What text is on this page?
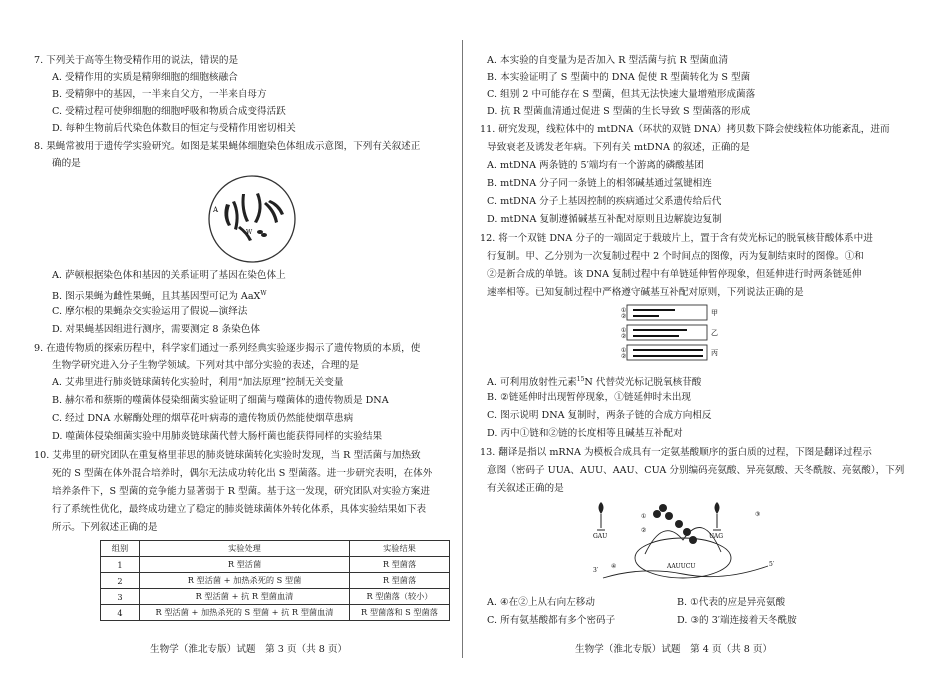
7. 下列关于高等生物受精作用的说法，错误的是
A. 受精作用的实质是精卵细胞的细胞核融合
B. 受精卵中的基因，一半来自父方，一半来自母方
C. 受精过程可使卵细胞的细胞呼吸和物质合成变得活跃
D. 每种生物前后代染色体数目的恒定与受精作用密切相关
8. 果蝇常被用于遗传学实验研究。如图是某果蝇体细胞染色体组成示意图，下列有关叙述正
确的是
A
W
A. 萨顿根据染色体和基因的关系证明了基因在染色体上
B. 图示果蝇为雌性果蝇，且其基因型可记为 AaX$^W$
C. 摩尔根的果蝇杂交实验运用了假说—演绎法
D. 对果蝇基因组进行测序，需要测定 8 条染色体
9. 在遗传物质的探索历程中，科学家们通过一系列经典实验逐步揭示了遗传物质的本质，使
生物学研究进入分子生物学领域。下列对其中部分实验的表述，合理的是
A. 艾弗里进行肺炎链球菌转化实验时，利用“加法原理”控制无关变量
B. 赫尔希和蔡斯的噬菌体侵染细菌实验证明了细菌与噬菌体的遗传物质是 DNA
C. 经过 DNA 水解酶处理的烟草花叶病毒的遗传物质仍然能使烟草患病
D. 噬菌体侵染细菌实验中用肺炎链球菌代替大肠杆菌也能获得同样的实验结果
10. 艾弗里的研究团队在重复格里菲思的肺炎链球菌转化实验时发现，当 R 型活菌与加热致
死的 S 型菌在体外混合培养时，偶尔无法成功转化出 S 型菌落。进一步研究表明，在体外
培养条件下，S 型菌的竞争能力显著弱于 R 型菌。基于这一发现，研究团队对实验方案进
行了系统性优化，最终成功建立了稳定的肺炎链球菌体外转化体系，具体实验结果如下表
所示。下列叙述正确的是
组别	实验处理	实验结果
1	R 型活菌	R 型菌落
2	R 型活菌 + 加热杀死的 S 型菌	R 型菌落
3	R 型活菌 + 抗 R 型菌血清	R 型菌落（较小）
4	R 型活菌 + 加热杀死的 S 型菌 + 抗 R 型菌血清	R 型菌落和 S 型菌落
生物学（淮北专版）试题　第 3 页（共 8 页）
A. 本实验的自变量为是否加入 R 型活菌与抗 R 型菌血清
B. 本实验证明了 S 型菌中的 DNA 促使 R 型菌转化为 S 型菌
C. 组别 2 中可能存在 S 型菌，但其无法快速大量增殖形成菌落
D. 抗 R 型菌血清通过促进 S 型菌的生长导致 S 型菌落的形成
11. 研究发现，线粒体中的 mtDNA（环状的双链 DNA）拷贝数下降会使线粒体功能紊乱，进而
导致衰老及诱发老年病。下列有关 mtDNA 的叙述，正确的是
A. mtDNA 两条链的 5′端均有一个游离的磷酸基团
B. mtDNA 分子同一条链上的相邻碱基通过氢键相连
C. mtDNA 分子上基因控制的疾病通过父系遗传给后代
D. mtDNA 复制遵循碱基互补配对原则且边解旋边复制
12. 将一个双链 DNA 分子的一端固定于载玻片上，置于含有荧光标记的脱氧核苷酸体系中进
行复制。甲、乙分别为一次复制过程中 2 个时间点的图像，丙为复制结束时的图像。①和
②是新合成的单链。该 DNA 复制过程中有单链延伸暂停现象，但延伸进行时两条链延伸
速率相等。已知复制过程中严格遵守碱基互补配对原则，下列说法正确的是
①
②
①
②
①
②
甲
乙
丙
A. 可利用放射性元素$^{15}$N 代替荧光标记脱氧核苷酸
B. ②链延伸时出现暂停现象，①链延伸时未出现
C. 图示说明 DNA 复制时，两条子链的合成方向相反
D. 丙中①链和②链的长度相等且碱基互补配对
13. 翻译是指以 mRNA 为模板合成具有一定氨基酸顺序的蛋白质的过程，下图是翻译过程示
意图（密码子 UUA、AUU、AAU、CUA 分别编码亮氨酸、异亮氨酸、天冬酰胺、亮氨酸），下列
有关叙述正确的是
GAU	UAG
AAUUCU
3′
5′
①
②
③
④
A. ④在②上从右向左移动	B. ①代表的应是异亮氨酸
C. 所有氨基酸都有多个密码子	D. ③的 3′端连接着天冬酰胺
生物学（淮北专版）试题　第 4 页（共 8 页）
